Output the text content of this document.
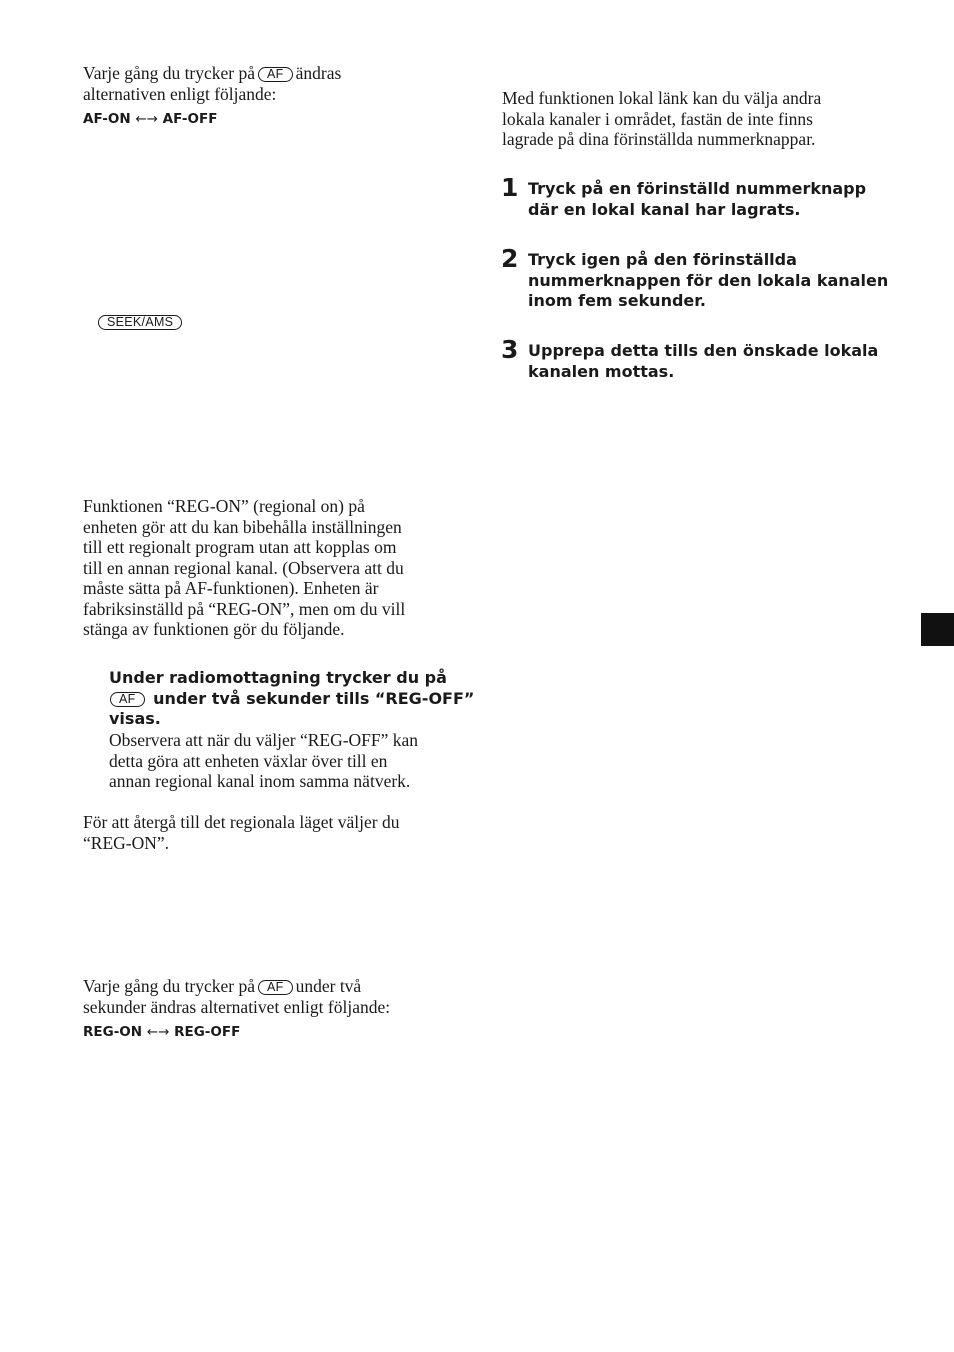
Varje gång du trycker på AF ändras
alternativen enligt följande:
AF-ON ←→ AF-OFF
SEEK/AMS
Funktionen “REG-ON” (regional on) på
enheten gör att du kan bibehålla inställningen
till ett regionalt program utan att kopplas om
till en annan regional kanal. (Observera att du
måste sätta på AF-funktionen). Enheten är
fabriksinställd på “REG-ON”, men om du vill
stänga av funktionen gör du följande.
Under radiomottagning trycker du på
AF under två sekunder tills “REG-OFF”
visas.
Observera att när du väljer “REG-OFF” kan
detta göra att enheten växlar över till en
annan regional kanal inom samma nätverk.
För att återgå till det regionala läget väljer du
“REG-ON”.
Varje gång du trycker på AF under två
sekunder ändras alternativet enligt följande:
REG-ON ←→ REG-OFF
Med funktionen lokal länk kan du välja andra
lokala kanaler i området, fastän de inte finns
lagrade på dina förinställda nummerknappar.
1 Tryck på en förinställd nummerknapp
där en lokal kanal har lagrats.
2 Tryck igen på den förinställda
nummerknappen för den lokala kanalen
inom fem sekunder.
3 Upprepa detta tills den önskade lokala
kanalen mottas.
